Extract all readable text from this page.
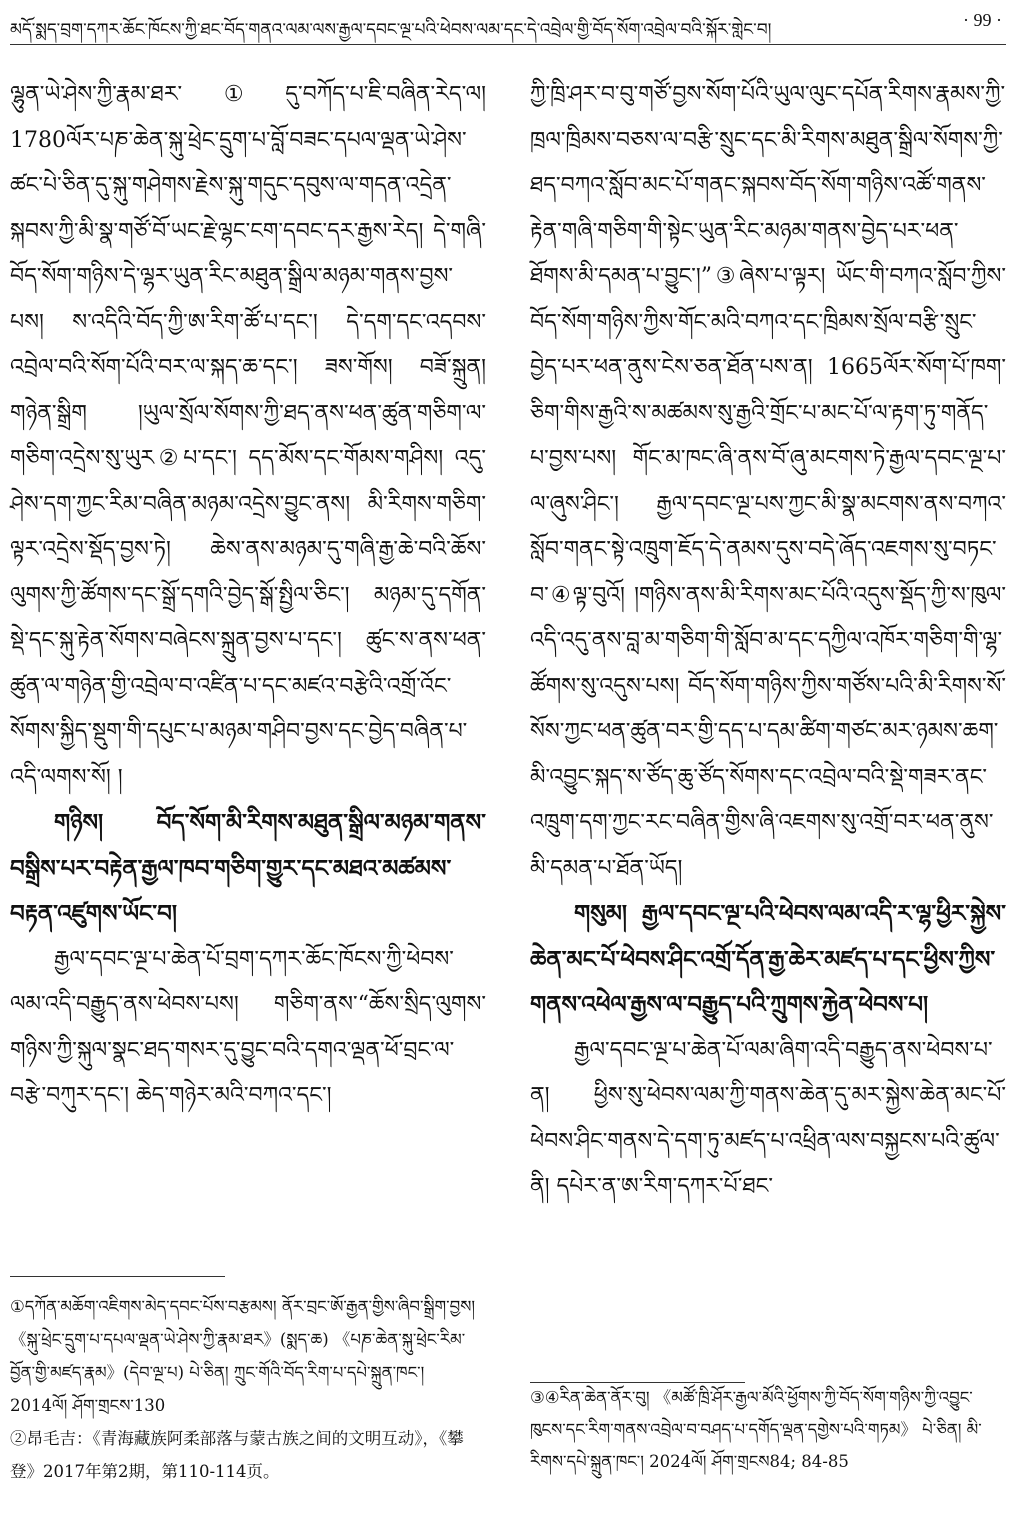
མདོ་སྨད་བྲག་དཀར་ཆོང་ཁོངས་ཀྱི་ཐང་བོད་གནའ་ལམ་ལས་རྒྱལ་དབང་ལྔ་པའི་ཕེབས་ལམ་དང་དེ་འབྲེལ་གྱི་བོད་སོག་འབྲེལ་བའི་སྐོར་གླེང་བ།	· 99 ·

ལྷུན་ཡེ་ཤེས་ཀྱི་རྣམ་ཐར་①དུ་བཀོད་པ་ཇི་བཞིན་རེད་ལ། 1780ལོར་པཎ་ཆེན་སྐུ་ཕྲེང་དྲུག་པ་བློ་བཟང་དཔལ་ལྡན་ཡེ་ཤེས་ཚང་པེ་ཅིན་དུ་སྐུ་གཤེགས་རྗེས་སྐུ་གདུང་དབུས་ལ་གདན་འདྲེན་སྐབས་ཀྱི་མི་སྣ་གཙོ་བོ་ཡང་རྗེ་ལྷང་ངག་དབང་དར་རྒྱས་རེད། དེ་གཞི་བོད་སོག་གཉིས་དེ་ལྷར་ཡུན་རིང་མཐུན་སྒྲིལ་མཉམ་གནས་བྱས་པས། ས་འདིའི་བོད་ཀྱི་ཨ་རིག་ཚོ་པ་དང་། དེ་དག་དང་འདབས་འབྲེལ་བའི་སོག་པོའི་བར་ལ་སྐད་ཆ་དང་། ཟས་གོས། བཟོ་སྐྲུན། གཉེན་སྒྲིག །ཡུལ་སྲོལ་སོགས་ཀྱི་ཐད་ནས་ཕན་ཚུན་གཅིག་ལ་གཅིག་འདྲེས་སུ་ཡུར②པ་དང་། དད་མོས་དང་གོམས་གཤིས། འདུ་ཤེས་དག་ཀྱང་རིམ་བཞིན་མཉམ་འདྲེས་བྱུང་ནས། མི་རིགས་གཅིག་ལྟར་འདྲེས་སྡོད་བྱས་ཏེ། ཆེས་ནས་མཉམ་དུ་གཞི་རྒྱ་ཆེ་བའི་ཆོས་ལུགས་ཀྱི་ཚོགས་དང་སྒྲོ་དགའི་བྱེད་སྒོ་སྤྱིལ་ཅིང་། མཉམ་དུ་དགོན་སྡེ་དང་སྐུ་རྟེན་སོགས་བཞེངས་སྐྲུན་བྱས་པ་དང་། ཚུང་ས་ནས་ཕན་ཚུན་ལ་གཉེན་གྱི་འབྲེལ་བ་འཛིན་པ་དང་མཛའ་བརྩེའི་འགྲོ་འོང་སོགས་སྐྱིད་སྡུག་གི་དཔུང་པ་མཉམ་གཤིབ་བྱས་དང་བྱེད་བཞིན་པ་འདི་ལགས་སོ། །

གཉིས། བོད་སོག་མི་རིགས་མཐུན་སྒྲིལ་མཉམ་གནས་བསྒྲིས་པར་བརྟེན་རྒྱལ་ཁབ་གཅིག་གྱུར་དང་མཐའ་མཚམས་བརྟན་འཛུགས་ཡོང་བ།

རྒྱལ་དབང་ལྔ་པ་ཆེན་པོ་བྲག་དཀར་ཆོང་ཁོངས་ཀྱི་ཕེབས་ལམ་འདི་བརྒྱུད་ནས་ཕེབས་པས། གཅིག་ནས་“ཆོས་སྲིད་ལུགས་གཉིས་ཀྱི་སྐུལ་སྣང་ཐད་གསར་དུ་བྱུང་བའི་དགའ་ལྡན་ཕོ་བྲང་ལ་བརྩེ་བཀུར་དང་། ཆེད་གཉེར་མའི་བཀའ་དང་།

ཀྱི་ཁྲི་ཤར་བ་བུ་གཙོ་བྱས་སོག་པོའི་ཡུལ་ལུང་དཔོན་རིགས་རྣམས་ཀྱི་ཁྲལ་ཁྲིམས་བཅས་ལ་བརྩི་སྲུང་དང་མི་རིགས་མཐུན་སྒྲིལ་སོགས་ཀྱི་ཐད་བཀའ་སློབ་མང་པོ་གནང་སྐབས་བོད་སོག་གཉིས་འཚོ་གནས་རྟེན་གཞི་གཅིག་གི་སྟེང་ཡུན་རིང་མཉམ་གནས་བྱེད་པར་ཕན་ཐོགས་མི་དམན་པ་བྱུང་།”③ཞེས་པ་ལྟར། ཡོང་གི་བཀའ་སློབ་ཀྱིས་བོད་སོག་གཉིས་ཀྱིས་གོང་མའི་བཀའ་དང་ཁྲིམས་སྲོལ་བརྩི་སྲུང་བྱེད་པར་ཕན་ནུས་ངེས་ཅན་ཐོན་པས་ན། 1665ལོར་སོག་པོ་ཁག་ཅིག་གིས་རྒྱའི་ས་མཚམས་སུ་རྒྱའི་གྲོང་པ་མང་པོ་ལ་རྟག་ཏུ་གནོད་པ་བྱས་པས། གོང་མ་ཁང་ཞི་ནས་བོ་ཞུ་མངགས་ཏེ་རྒྱལ་དབང་ལྔ་པ་ལ་ཞུས་ཤིང་། རྒྱལ་དབང་ལྔ་པས་ཀྱང་མི་སྣ་མངགས་ནས་བཀའ་སློབ་གནང་སྟེ་འཁྲུག་ཇོད་དེ་ནམས་དུས་བདེ་ཞོད་འཇགས་སུ་བཏང་བ་④ལྟ་བུའོ། །གཉིས་ནས་མི་རིགས་མང་པོའི་འདུས་སྡོད་ཀྱི་ས་ཁུལ་འདི་འདུ་ནས་བླ་མ་གཅིག་གི་སློབ་མ་དང་དཀྱིལ་འཁོར་གཅིག་གི་ལྷ་ཚོགས་སུ་འདུས་པས། བོད་སོག་གཉིས་ཀྱིས་གཙོས་པའི་མི་རིགས་སོ་སོས་ཀྱང་ཕན་ཚུན་བར་གྱི་དད་པ་དམ་ཚིག་གཙང་མར་ཉམས་ཆག་མི་འབྱུང་སྐད་ས་ཙོད་ཆུ་ཙོད་སོགས་དང་འབྲེལ་བའི་སྡེ་གཟར་ནང་འཁྲུག་དག་ཀྱང་རང་བཞིན་གྱིས་ཞི་འཇགས་སུ་འགྲོ་བར་ཕན་ནུས་མི་དམན་པ་ཐོན་ཡོད།

གསུམ། རྒྱལ་དབང་ལྔ་པའི་ཕེབས་ལམ་འདི་ར་ལྷ་ཕྱིར་སྐྱེས་ཆེན་མང་པོ་ཕེབས་ཤིང་འགྲོ་དོན་རྒྱ་ཆེར་མཛད་པ་དང་ཕྱིས་ཀྱིས་གནས་འཕེལ་རྒྱས་ལ་བརྒྱུད་པའི་ཀྲུགས་རྐྱེན་ཕེབས་པ།

རྒྱལ་དབང་ལྔ་པ་ཆེན་པོ་ལམ་ཞིག་འདི་བརྒྱུད་ནས་ཕེབས་པ་ན། ཕྱིས་སུ་ཕེབས་ལམ་ཀྱི་གནས་ཆེན་དུ་མར་སྐྱེས་ཆེན་མང་པོ་ཕེབས་ཤིང་གནས་དེ་དག་ཏུ་མཛད་པ་འཕྲིན་ལས་བསྐྱངས་པའི་ཚུལ་ནི། དཔེར་ན་ཨ་རིག་དཀར་པོ་ཐང་

①དཀོན་མཆོག་འཇིགས་མེད་དབང་པོས་བརྩམས། ནོར་བྲང་ཨོ་རྒྱན་གྱིས་ཞིབ་སྒྲིག་བྱས། 《སྐུ་ཕྲེང་དྲུག་པ་དཔལ་ལྡན་ཡེ་ཤེས་ཀྱི་རྣམ་ཐར》(སྨད་ཆ) 《པཎ་ཆེན་སྐུ་ཕྲེང་རིམ་བྱོན་གྱི་མཛད་རྣམ》(དེབ་ལྔ་པ) པེ་ཅིན། ཀྲུང་གོའི་བོད་རིག་པ་དཔེ་སྐྲུན་ཁང་། 2014ལོ། ཤོག་གྲངས་130

②昂毛吉：《青海藏族阿柔部落与蒙古族之间的文明互动》，《攀登》2017年第2期，第110-114页。

③④རིན་ཆེན་ནོར་བུ། 《མཚོ་ཁྲི་ཤོར་རྒྱལ་མོའི་ཕྱོགས་ཀྱི་བོད་སོག་གཉིས་ཀྱི་འབྱུང་ཁུངས་དང་རིག་གནས་འབྲེལ་བ་བཤད་པ་དགོད་ལྡན་དགྱེས་པའི་གཏམ》 པེ་ཅིན། མི་རིགས་དཔེ་སྐྲུན་ཁང་། 2024ལོ། ཤོག་གྲངས84; 84-85
